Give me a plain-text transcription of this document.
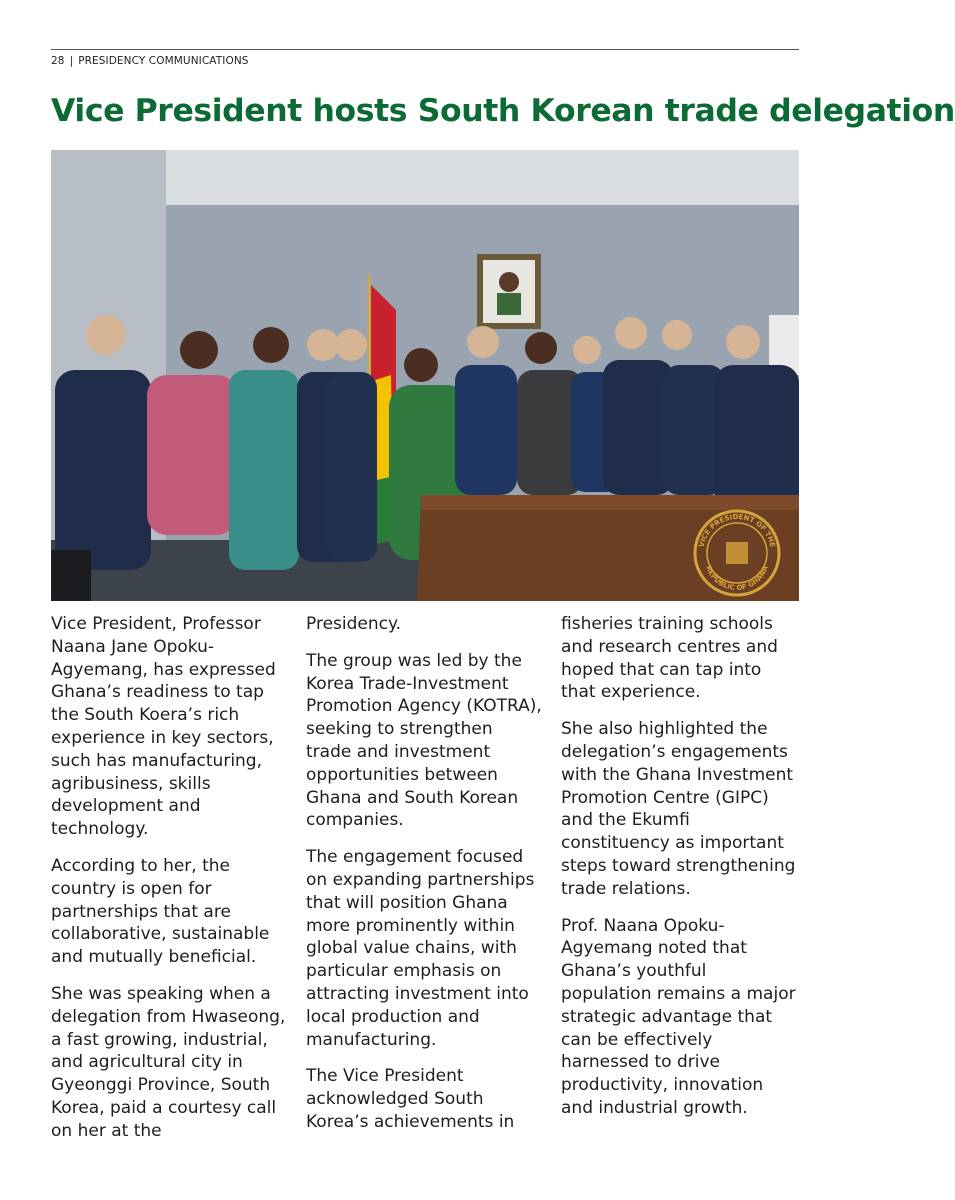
28 | PRESIDENCY COMMUNICATIONS
Vice President hosts South Korean trade delegation
VICE PRESIDENT OF THE
REPUBLIC OF GHANA

Vice President, Professor Naana Jane Opoku-Agyemang, has expressed Ghana’s readiness to tap the South Koera’s rich experience in key sectors, such has manufacturing, agribusiness, skills development and technology.

According to her, the country is open for partnerships that are collaborative, sustainable and mutually beneficial.

She was speaking when a delegation from Hwaseong, a fast growing, industrial, and agricultural city in Gyeonggi Province, South Korea, paid a courtesy call on her at the

Presidency.

The group was led by the Korea Trade-Investment Promotion Agency (KOTRA), seeking to strengthen trade and investment opportunities between Ghana and South Korean companies.

The engagement focused on expanding partnerships that will position Ghana more prominently within global value chains, with particular emphasis on attracting investment into local production and manufacturing.

The Vice President acknowledged South Korea’s achievements in

fisheries training schools and research centres and hoped that can tap into that experience.

She also highlighted the delegation’s engagements with the Ghana Investment Promotion Centre (GIPC) and the Ekumfi constituency as important steps toward strengthening trade relations.

Prof. Naana Opoku-Agyemang noted that Ghana’s youthful population remains a major strategic advantage that can be effectively harnessed to drive productivity, innovation and industrial growth.
